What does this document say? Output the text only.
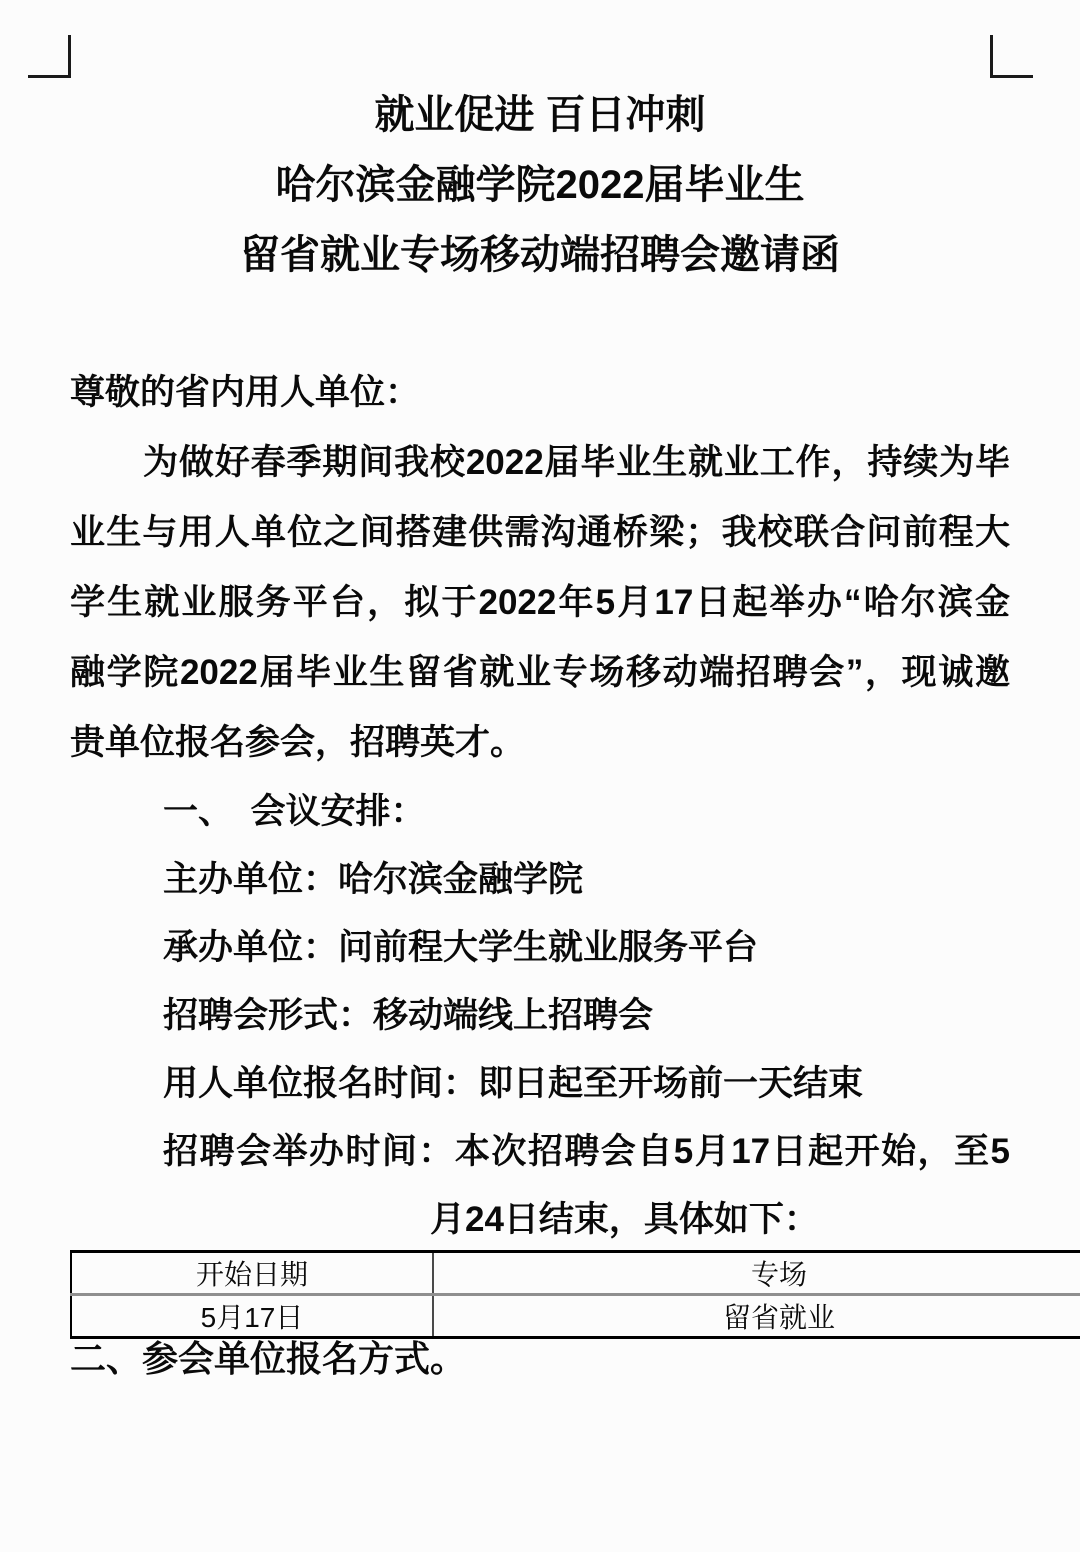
就业促进 百日冲刺
哈尔滨金融学院2022届毕业生
留省就业专场移动端招聘会邀请函
尊敬的省内用人单位：
为做好春季期间我校2022届毕业生就业工作，持续为毕
业生与用人单位之间搭建供需沟通桥梁；我校联合问前程大
学生就业服务平台，拟于2022年5月17日起举办“哈尔滨金
融学院2022届毕业生留省就业专场移动端招聘会”，现诚邀
贵单位报名参会，招聘英才。
一、　会议安排：
主办单位：哈尔滨金融学院
承办单位：问前程大学生就业服务平台
招聘会形式：移动端线上招聘会
用人单位报名时间：即日起至开场前一天结束
招聘会举办时间：本次招聘会自5月17日起开始，至5
月24日结束，具体如下：
开始日期	专场
5月17日	留省就业
二、参会单位报名方式。
